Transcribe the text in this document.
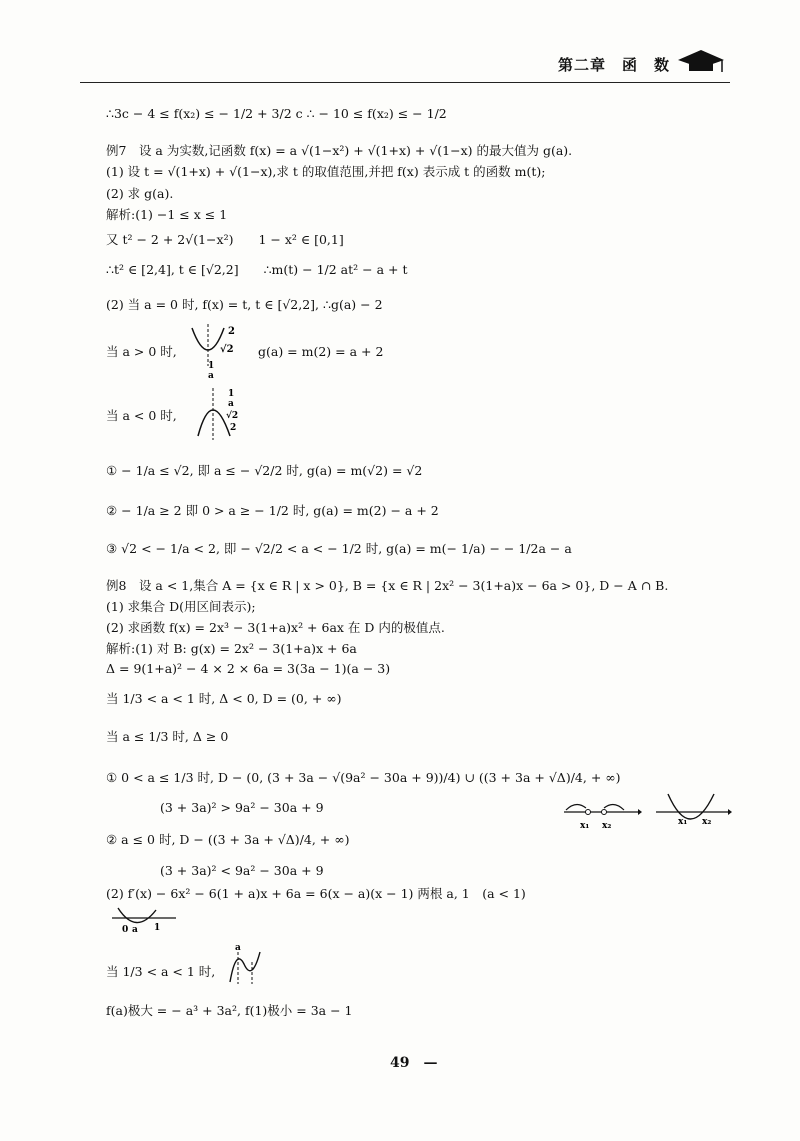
第二章　函　数
∴3c − 4 ≤ f(x₂) ≤ − 1/2 + 3/2 c ∴ − 10 ≤ f(x₂) ≤ − 1/2
例7　设 a 为实数,记函数 f(x) = a √(1−x²) + √(1+x) + √(1−x) 的最大值为 g(a).
(1) 设 t = √(1+x) + √(1−x),求 t 的取值范围,并把 f(x) 表示成 t 的函数 m(t);
(2) 求 g(a).
解析:(1) −1 ≤ x ≤ 1
又 t² − 2 + 2√(1−x²)　　1 − x² ∈ [0,1]
∴t² ∈ [2,4], t ∈ [√2,2]　　∴m(t) − 1/2 at² − a + t
(2) 当 a = 0 时, f(x) = t, t ∈ [√2,2], ∴g(a) − 2
当 a > 0 时,	g(a) = m(2) = a + 2
当 a < 0 时,
① − 1/a ≤ √2, 即 a ≤ − √2/2 时, g(a) = m(√2) = √2
② − 1/a ≥ 2 即 0 > a ≥ − 1/2 时, g(a) = m(2) − a + 2
③ √2 < − 1/a < 2, 即 − √2/2 < a < − 1/2 时, g(a) = m(− 1/a) − − 1/2a − a
例8　设 a < 1,集合 A = {x ∈ R | x > 0}, B = {x ∈ R | 2x² − 3(1+a)x − 6a > 0}, D − A ∩ B.
(1) 求集合 D(用区间表示);
(2) 求函数 f(x) = 2x³ − 3(1+a)x² + 6ax 在 D 内的极值点.
解析:(1) 对 B: g(x) = 2x² − 3(1+a)x + 6a
Δ = 9(1+a)² − 4 × 2 × 6a = 3(3a − 1)(a − 3)
当 1/3 < a < 1 时, Δ < 0, D = (0, + ∞)
当 a ≤ 1/3 时, Δ ≥ 0
① 0 < a ≤ 1/3 时, D − (0, (3 + 3a − √(9a² − 30a + 9))/4) ∪ ((3 + 3a + √Δ)/4, + ∞)
(3 + 3a)² > 9a² − 30a + 9
② a ≤ 0 时, D − ((3 + 3a + √Δ)/4, + ∞)
(3 + 3a)² < 9a² − 30a + 9
(2) f′(x) − 6x² − 6(1 + a)x + 6a = 6(x − a)(x − 1) 两根 a, 1　(a < 1)
当 1/3 < a < 1 时,
f(a)极大 = − a³ + 3a², f(1)极小 = 3a − 1
2
√2
1
a
1
a
√2
2
x₁ x₂	x₁ x₂
0 a 1
a
49　—
